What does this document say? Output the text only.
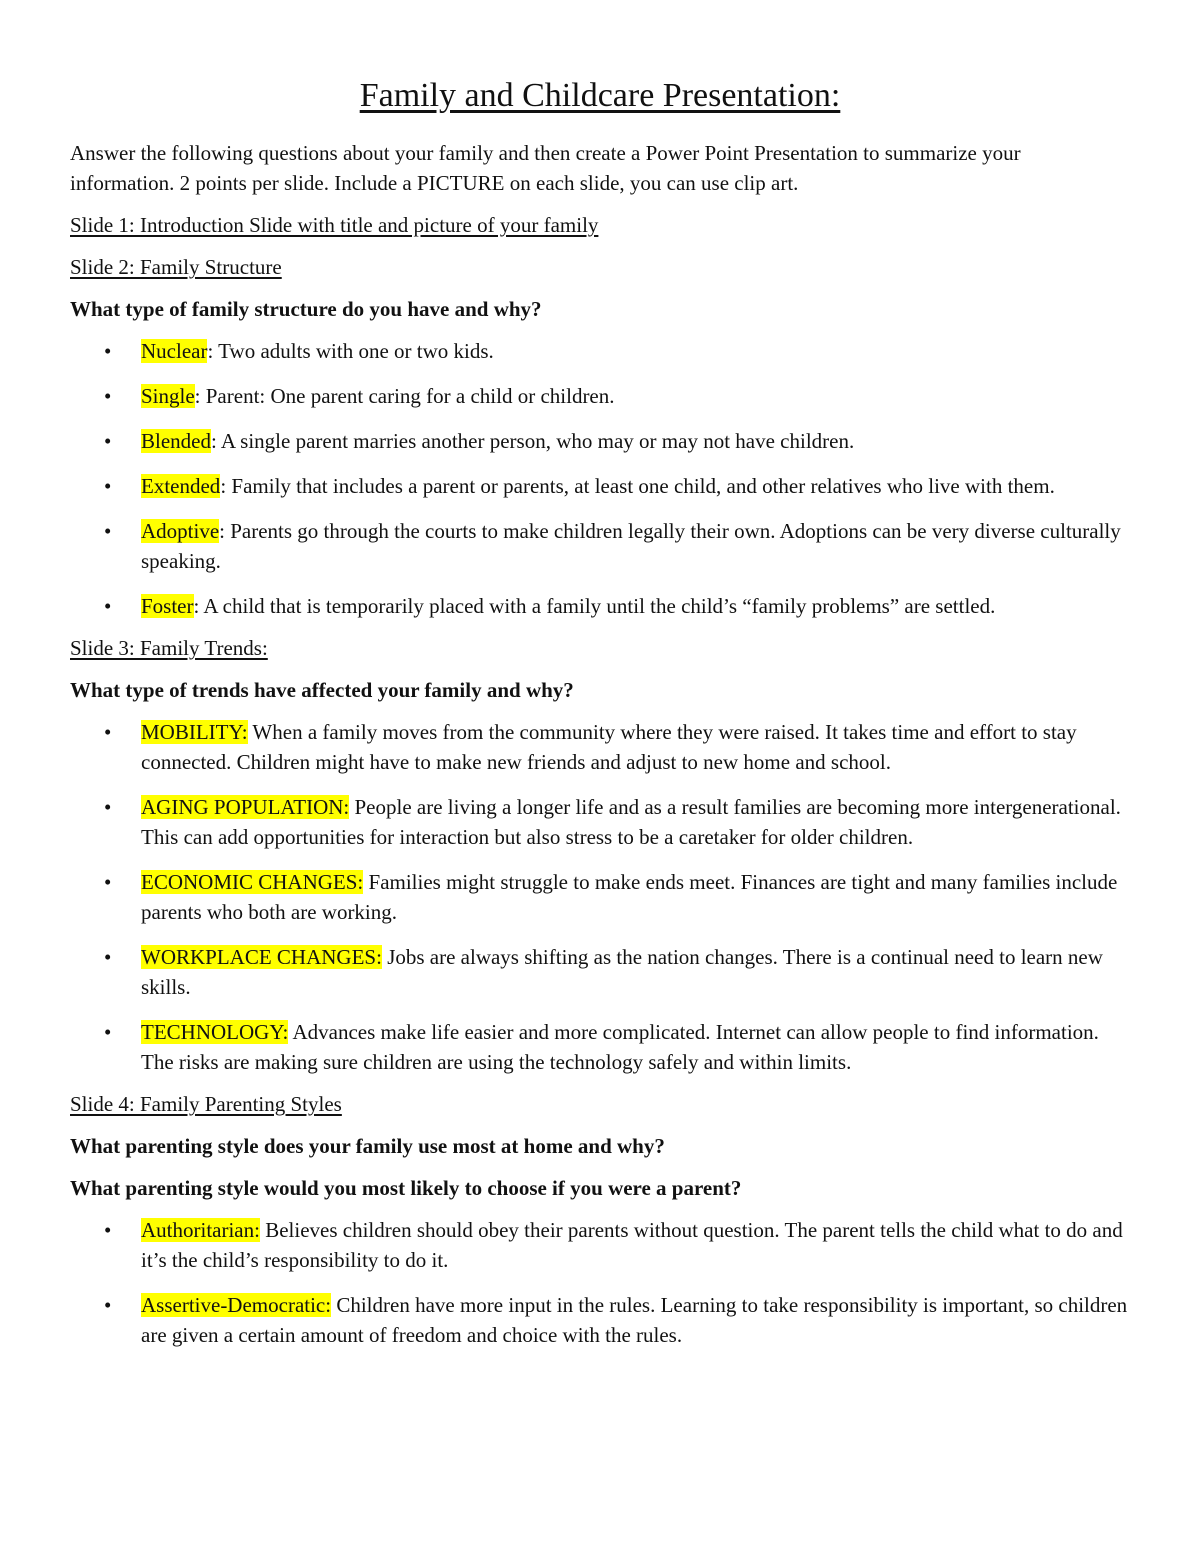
Family and Childcare Presentation:

Answer the following questions about your family and then create a Power Point Presentation to summarize your information. 2 points per slide. Include a PICTURE on each slide, you can use clip art.

Slide 1: Introduction Slide with title and picture of your family

Slide 2: Family Structure

What type of family structure do you have and why?

• Nuclear: Two adults with one or two kids.
• Single: Parent: One parent caring for a child or children.
• Blended: A single parent marries another person, who may or may not have children.
• Extended: Family that includes a parent or parents, at least one child, and other relatives who live with them.
• Adoptive: Parents go through the courts to make children legally their own. Adoptions can be very diverse culturally speaking.
• Foster: A child that is temporarily placed with a family until the child’s “family problems” are settled.

Slide 3: Family Trends:

What type of trends have affected your family and why?

• MOBILITY: When a family moves from the community where they were raised. It takes time and effort to stay connected. Children might have to make new friends and adjust to new home and school.
• AGING POPULATION: People are living a longer life and as a result families are becoming more intergenerational. This can add opportunities for interaction but also stress to be a caretaker for older children.
• ECONOMIC CHANGES: Families might struggle to make ends meet. Finances are tight and many families include parents who both are working.
• WORKPLACE CHANGES: Jobs are always shifting as the nation changes. There is a continual need to learn new skills.
• TECHNOLOGY: Advances make life easier and more complicated. Internet can allow people to find information. The risks are making sure children are using the technology safely and within limits.

Slide 4: Family Parenting Styles

What parenting style does your family use most at home and why?

What parenting style would you most likely to choose if you were a parent?

• Authoritarian: Believes children should obey their parents without question. The parent tells the child what to do and it’s the child’s responsibility to do it.
• Assertive-Democratic: Children have more input in the rules. Learning to take responsibility is important, so children are given a certain amount of freedom and choice with the rules.
